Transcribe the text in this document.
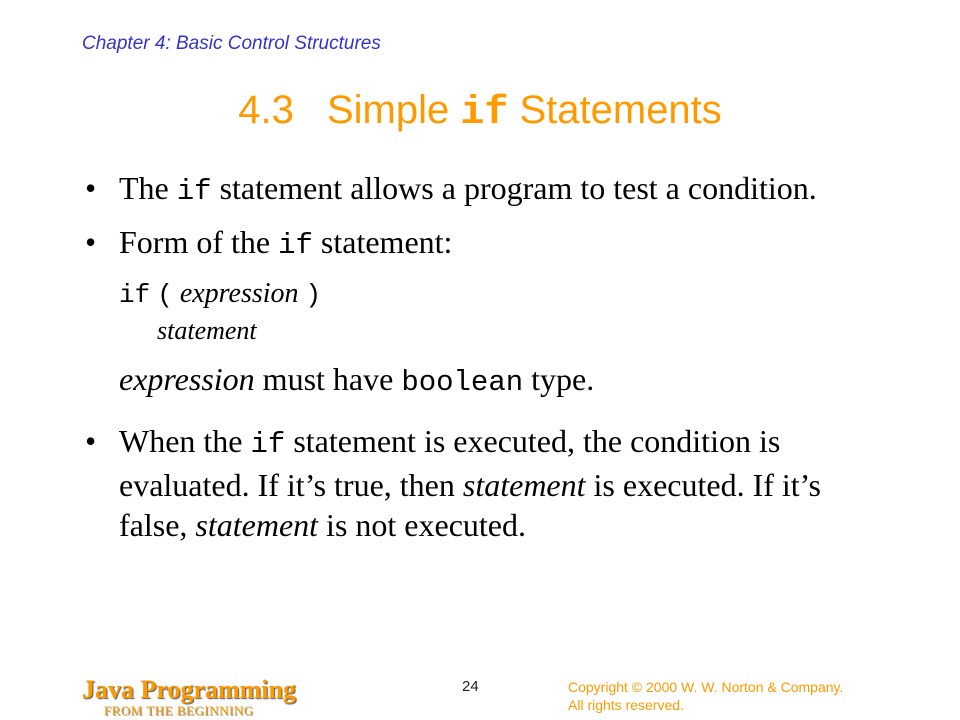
Chapter 4: Basic Control Structures
4.3 Simple if Statements
• The if statement allows a program to test a condition.
• Form of the if statement:
if ( expression )
statement
expression must have boolean type.
• When the if statement is executed, the condition is evaluated. If it’s true, then statement is executed. If it’s false, statement is not executed.
Java Programming
FROM THE BEGINNING
24	Copyright © 2000 W. W. Norton & Company.
All rights reserved.
